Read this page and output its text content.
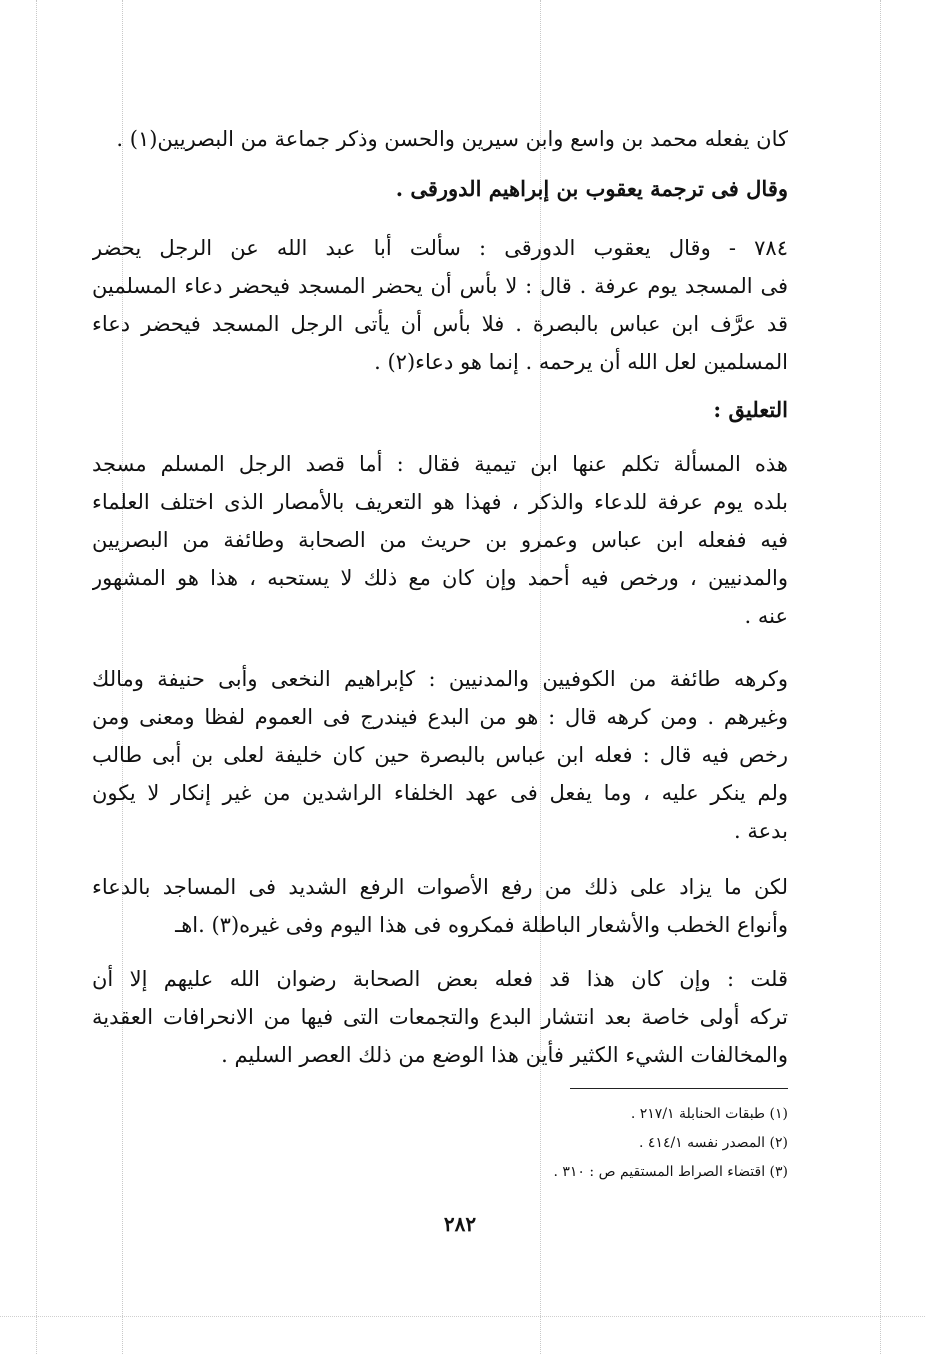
كان يفعله محمد بن واسع وابن سيرين والحسن وذكر جماعة من البصريين(١) .
وقال فى ترجمة يعقوب بن إبراهيم الدورقى .
٧٨٤ - وقال يعقوب الدورقى : سألت أبا عبد الله عن الرجل يحضر
فى المسجد يوم عرفة . قال : لا بأس أن يحضر المسجد فيحضر دعاء المسلمين
قد عرَّف ابن عباس بالبصرة . فلا بأس أن يأتى الرجل المسجد فيحضر دعاء
المسلمين لعل الله أن يرحمه . إنما هو دعاء(٢) .
التعليق :
هذه المسألة تكلم عنها ابن تيمية فقال : أما قصد الرجل المسلم مسجد
بلده يوم عرفة للدعاء والذكر ، فهذا هو التعريف بالأمصار الذى اختلف العلماء
فيه ففعله ابن عباس وعمرو بن حريث من الصحابة وطائفة من البصريين
والمدنيين ، ورخص فيه أحمد وإن كان مع ذلك لا يستحبه ، هذا هو المشهور
عنه .
وكرهه طائفة من الكوفيين والمدنيين : كإبراهيم النخعى وأبى حنيفة ومالك
وغيرهم . ومن كرهه قال : هو من البدع فيندرج فى العموم لفظا ومعنى ومن
رخص فيه قال : فعله ابن عباس بالبصرة حين كان خليفة لعلى بن أبى طالب
ولم ينكر عليه ، وما يفعل فى عهد الخلفاء الراشدين من غير إنكار لا يكون
بدعة .
لكن ما يزاد على ذلك من رفع الأصوات الرفع الشديد فى المساجد بالدعاء
وأنواع الخطب والأشعار الباطلة فمكروه فى هذا اليوم وفى غيره(٣) .اهـ
قلت : وإن كان هذا قد فعله بعض الصحابة رضوان الله عليهم إلا أن
تركه أولى خاصة بعد انتشار البدع والتجمعات التى فيها من الانحرافات العقدية
والمخالفات الشيء الكثير فأين هذا الوضع من ذلك العصر السليم .
(١) طبقات الحنابلة ٢١٧/١ .
(٢) المصدر نفسه ٤١٤/١ .
(٣) اقتضاء الصراط المستقيم ص : ٣١٠ .
٢٨٢
